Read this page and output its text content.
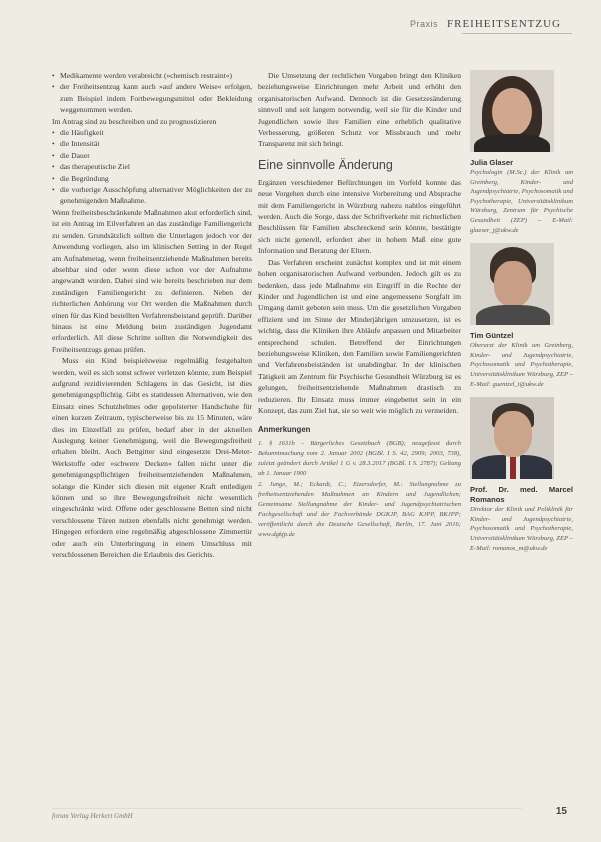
Praxis FREIHEITSENTZUG
• Medikamente werden verabreicht (»chemisch restraint«)
• der Freiheitsentzug kann auch »auf andere Weise« erfolgen, zum Beispiel indem Fortbewegungsmittel oder Bekleidung weggenommen werden.

Im Antrag sind zu beschreiben und zu prognostizieren

• die Häufigkeit
• die Intensität
• die Dauer
• das therapeutische Ziel
• die Begründung
• die vorherige Ausschöpfung alternativer Möglichkeiten der zu genehmigenden Maßnahme.

Wenn freiheitsbeschränkende Maßnahmen akut erforderlich sind, ist ein Antrag im Eilverfahren an das zuständige Familiengericht zu senden. Grundsätzlich sollten die Unterlagen jedoch vor der Anwendung vorliegen, also im klinischen Setting in der Regel am Aufnahmetag, wenn freiheitsentziehende Maßnahmen bereits absehbar sind oder wenn diese schon vor der Aufnahme angewandt wurden. Dabei sind wie bereits beschrieben nur dem zuständigen Familiengericht zu definieren. Neben der richterlichen Anhörung vor Ort werden die Maßnahmen durch einen für das Kind bestellten Verfahrensbeistand geprüft. Darüber hinaus ist eine Meldung beim zuständigen Jugendamt erforderlich. All diese Schritte sollten die Notwendigkeit des Freiheitsentzugs genau prüfen.

Muss ein Kind beispielsweise regelmäßig festgehalten werden, weil es sich sonst schwer verletzen könnte, zum Beispiel aufgrund rezidivierenden Schlagens in das Gesicht, ist dies genehmigungspflichtig. Gibt es stattdessen Alternativen, wie den Einsatz eines Schutzhelmes oder gepolsterter Handschuhe für einen kurzen Zeitraum, typischerweise bis zu 15 Minuten, wäre dies im Einzelfall zu prüfen, bedarf aber in der aktuellen Auslegung keiner Genehmigung, weil die Bewegungsfreiheit erhalten bleibt. Auch Bettgitter sind eingesetzte Drei-Meter-Werkstoffe oder »schwere Decken« fallen nicht unter die genehmigungspflichtigen freiheitsentziehenden Maßnahmen, solange die Kinder sich diesen mit eigener Kraft entledigen können und so ihre Bewegungsfreiheit nicht wesentlich eingeschränkt wird. Offene oder geschlossene Betten sind nicht verschlossene Türen nutzen ebenfalls nicht genehmigt werden. Hingegen erfordern eine regelmäßig abgeschlossene Zimmertür oder auch ein Unterbringung in einem Umschluss mit verschlossenen Bereichen die Erlaubnis des Gerichts.

Die Umsetzung der rechtlichen Vorgaben bringt den Kliniken beziehungsweise Einrichtungen mehr Arbeit und erhöht den organisatorischen Aufwand. Dennoch ist die Gesetzesänderung sinnvoll und seit langem notwendig, weil sie für die Kinder und Jugendlichen sowie ihre Familien eine erheblich qualitative Verbesserung, größeren Schutz vor Missbrauch und mehr Transparenz mit sich bringt.

Eine sinnvolle Änderung

Ergänzen verschiedener Befürchtungen im Vorfeld konnte das neue Vorgehen durch eine intensive Vorbereitung und Absprache mit dem Familiengericht in Würzburg nahezu nahtlos eingeführt werden. Auch die Sorge, dass der Schriftverkehr mit richterlichen Beschlüssen für Familien abschreckend sein könnte, bestätigte sich nicht generell, erfordert aber in hohem Maß eine gute Information und Beratung der Eltern.

Das Verfahren erscheint zunächst komplex und ist mit einem hohen organisatorischen Aufwand verbunden. Jedoch gilt es zu bedenken, dass jede Maßnahme ein Eingriff in die Rechte der Kinder und Jugendlichen ist und eine angemessene Sorgfalt im Umgang damit geboten sein muss. Um die gesetzlichen Vorgaben effizient und im Sinne der Minderjährigen umzusetzen, ist es wichtig, dass die Kliniken ihre Abläufe anpassen und Mitarbeiter entsprechend schulen. Betreffend der Einrichtungen beziehungsweise Kliniken, den Familien sowie Familiengerichten und Verfahrensbeiständen ist unabdingbar. In der klinischen Tätigkeit am Zentrum für Psychische Gesundheit Würzburg ist es gelungen, freiheitsentziehende Maßnahmen drastisch zu reduzieren. Ihr Einsatz muss immer eingebettet sein in ein Konzept, das zum Ziel hat, sie so weit wie möglich zu vermeiden.

Anmerkungen

1. § 1631b – Bürgerliches Gesetzbuch (BGB); neugefasst durch Bekanntmachung vom 2. Januar 2002 (BGBl. I S. 42, 2909; 2003, 738), zuletzt geändert durch Artikel 1 G v. 28.3.2017 (BGBl. I S. 2787); Geltung ab 1. Januar 1900

2. Junge, M.; Eckardt, C.; Etzersdorfer, M.: Stellungnahme zu freiheitsentziehenden Maßnahmen an Kindern und Jugendlichen; Gemeinsame Stellungnahme der Kinder- und Jugendpsychiatrischen Fachgesellschaft und der Fachverbände DGKJP, BAG KJPP, BKJPP; veröffentlicht durch die Deutsche Gesellschaft, Berlin, 17. Juni 2016; www.dgkjp.de

Julia Glaser

Psychologin (M.Sc.) der Klinik am Greinberg, Kinder- und Jugendpsychiatrie, Psychosomatik und Psychotherapie, Universitätsklinikum Würzburg, Zentrum für Psychische Gesundheit (ZEP) – E-Mail: glaeser_j@ukw.de

Tim Güntzel

Oberarzt der Klinik am Greinberg, Kinder- und Jugendpsychiatrie, Psychosomatik und Psychotherapie, Universitätsklinikum Würzburg, ZEP – E-Mail: guentzel_t@ukw.de

Prof. Dr. med. Marcel Romanos

Direktor der Klinik und Poliklinik für Kinder- und Jugendpsychiatrie, Psychosomatik und Psychotherapie, Universitätsklinikum Würzburg, ZEP – E-Mail: romanos_m@ukw.de

forum Verlag Herkert GmbH	15
